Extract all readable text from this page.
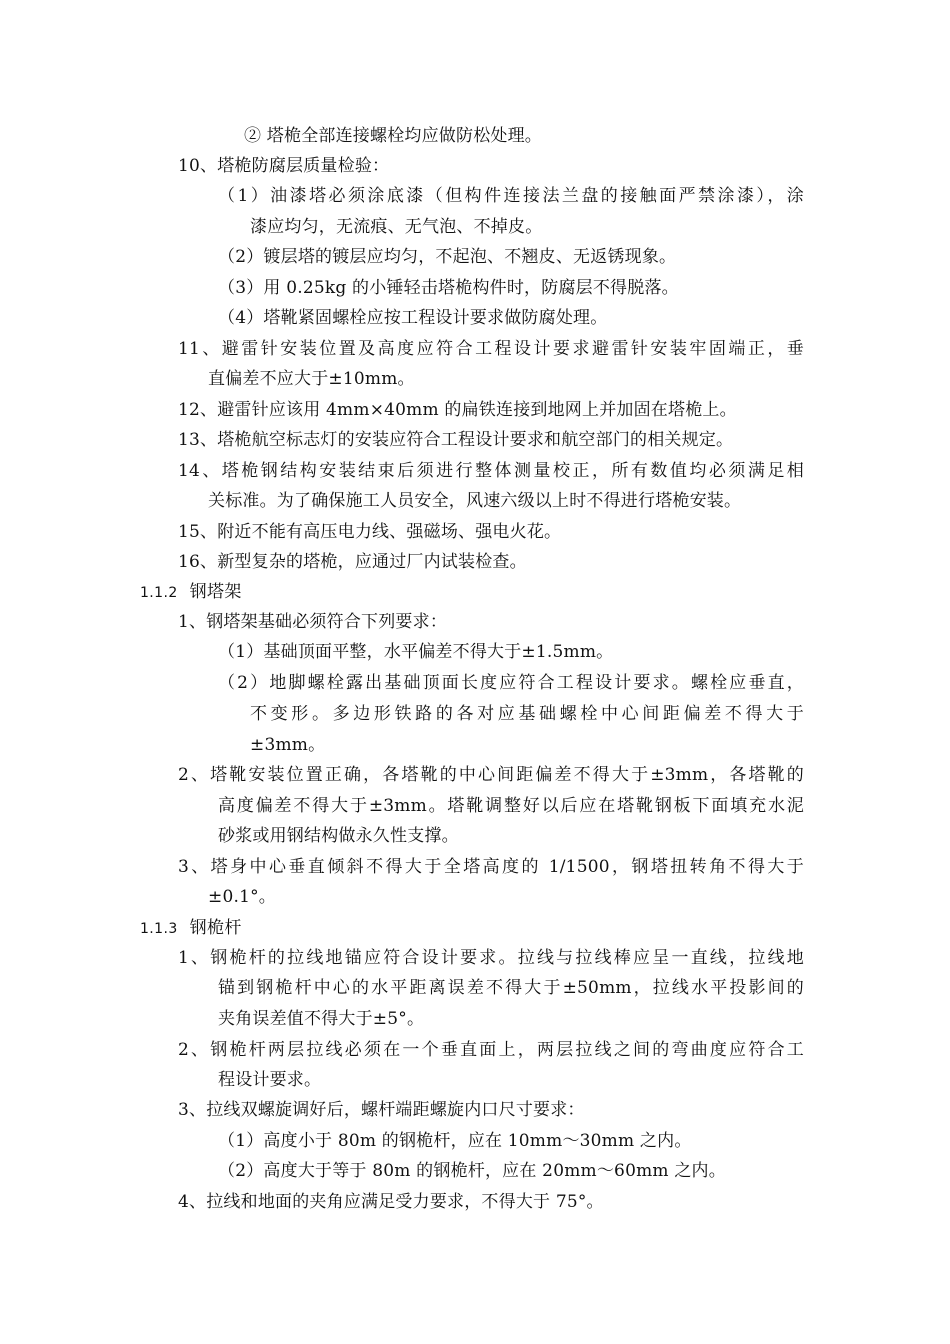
② 塔桅全部连接螺栓均应做防松处理。
10、塔桅防腐层质量检验：
（1）油漆塔必须涂底漆（但构件连接法兰盘的接触面严禁涂漆），涂
漆应均匀，无流痕、无气泡、不掉皮。
（2）镀层塔的镀层应均匀，不起泡、不翘皮、无返锈现象。
（3）用 0.25kg 的小锤轻击塔桅构件时，防腐层不得脱落。
（4）塔靴紧固螺栓应按工程设计要求做防腐处理。
11、避雷针安装位置及高度应符合工程设计要求避雷针安装牢固端正，垂
直偏差不应大于±10mm。
12、避雷针应该用 4mm×40mm 的扁铁连接到地网上并加固在塔桅上。
13、塔桅航空标志灯的安装应符合工程设计要求和航空部门的相关规定。
14、塔桅钢结构安装结束后须进行整体测量校正，所有数值均必须满足相
关标准。为了确保施工人员安全，风速六级以上时不得进行塔桅安装。
15、附近不能有高压电力线、强磁场、强电火花。
16、新型复杂的塔桅，应通过厂内试装检查。
1.1.2 钢塔架
1、钢塔架基础必须符合下列要求：
（1）基础顶面平整，水平偏差不得大于±1.5mm。
（2）地脚螺栓露出基础顶面长度应符合工程设计要求。螺栓应垂直，
不变形。多边形铁路的各对应基础螺栓中心间距偏差不得大于
±3mm。
2、塔靴安装位置正确，各塔靴的中心间距偏差不得大于±3mm，各塔靴的
高度偏差不得大于±3mm。塔靴调整好以后应在塔靴钢板下面填充水泥
砂浆或用钢结构做永久性支撑。
3、塔身中心垂直倾斜不得大于全塔高度的 1/1500，钢塔扭转角不得大于
±0.1°。
1.1.3 钢桅杆
1、钢桅杆的拉线地锚应符合设计要求。拉线与拉线棒应呈一直线，拉线地
锚到钢桅杆中心的水平距离误差不得大于±50mm，拉线水平投影间的
夹角误差值不得大于±5°。
2、钢桅杆两层拉线必须在一个垂直面上，两层拉线之间的弯曲度应符合工
程设计要求。
3、拉线双螺旋调好后，螺杆端距螺旋内口尺寸要求：
（1）高度小于 80m 的钢桅杆，应在 10mm～30mm 之内。
（2）高度大于等于 80m 的钢桅杆，应在 20mm～60mm 之内。
4、拉线和地面的夹角应满足受力要求，不得大于 75°。
